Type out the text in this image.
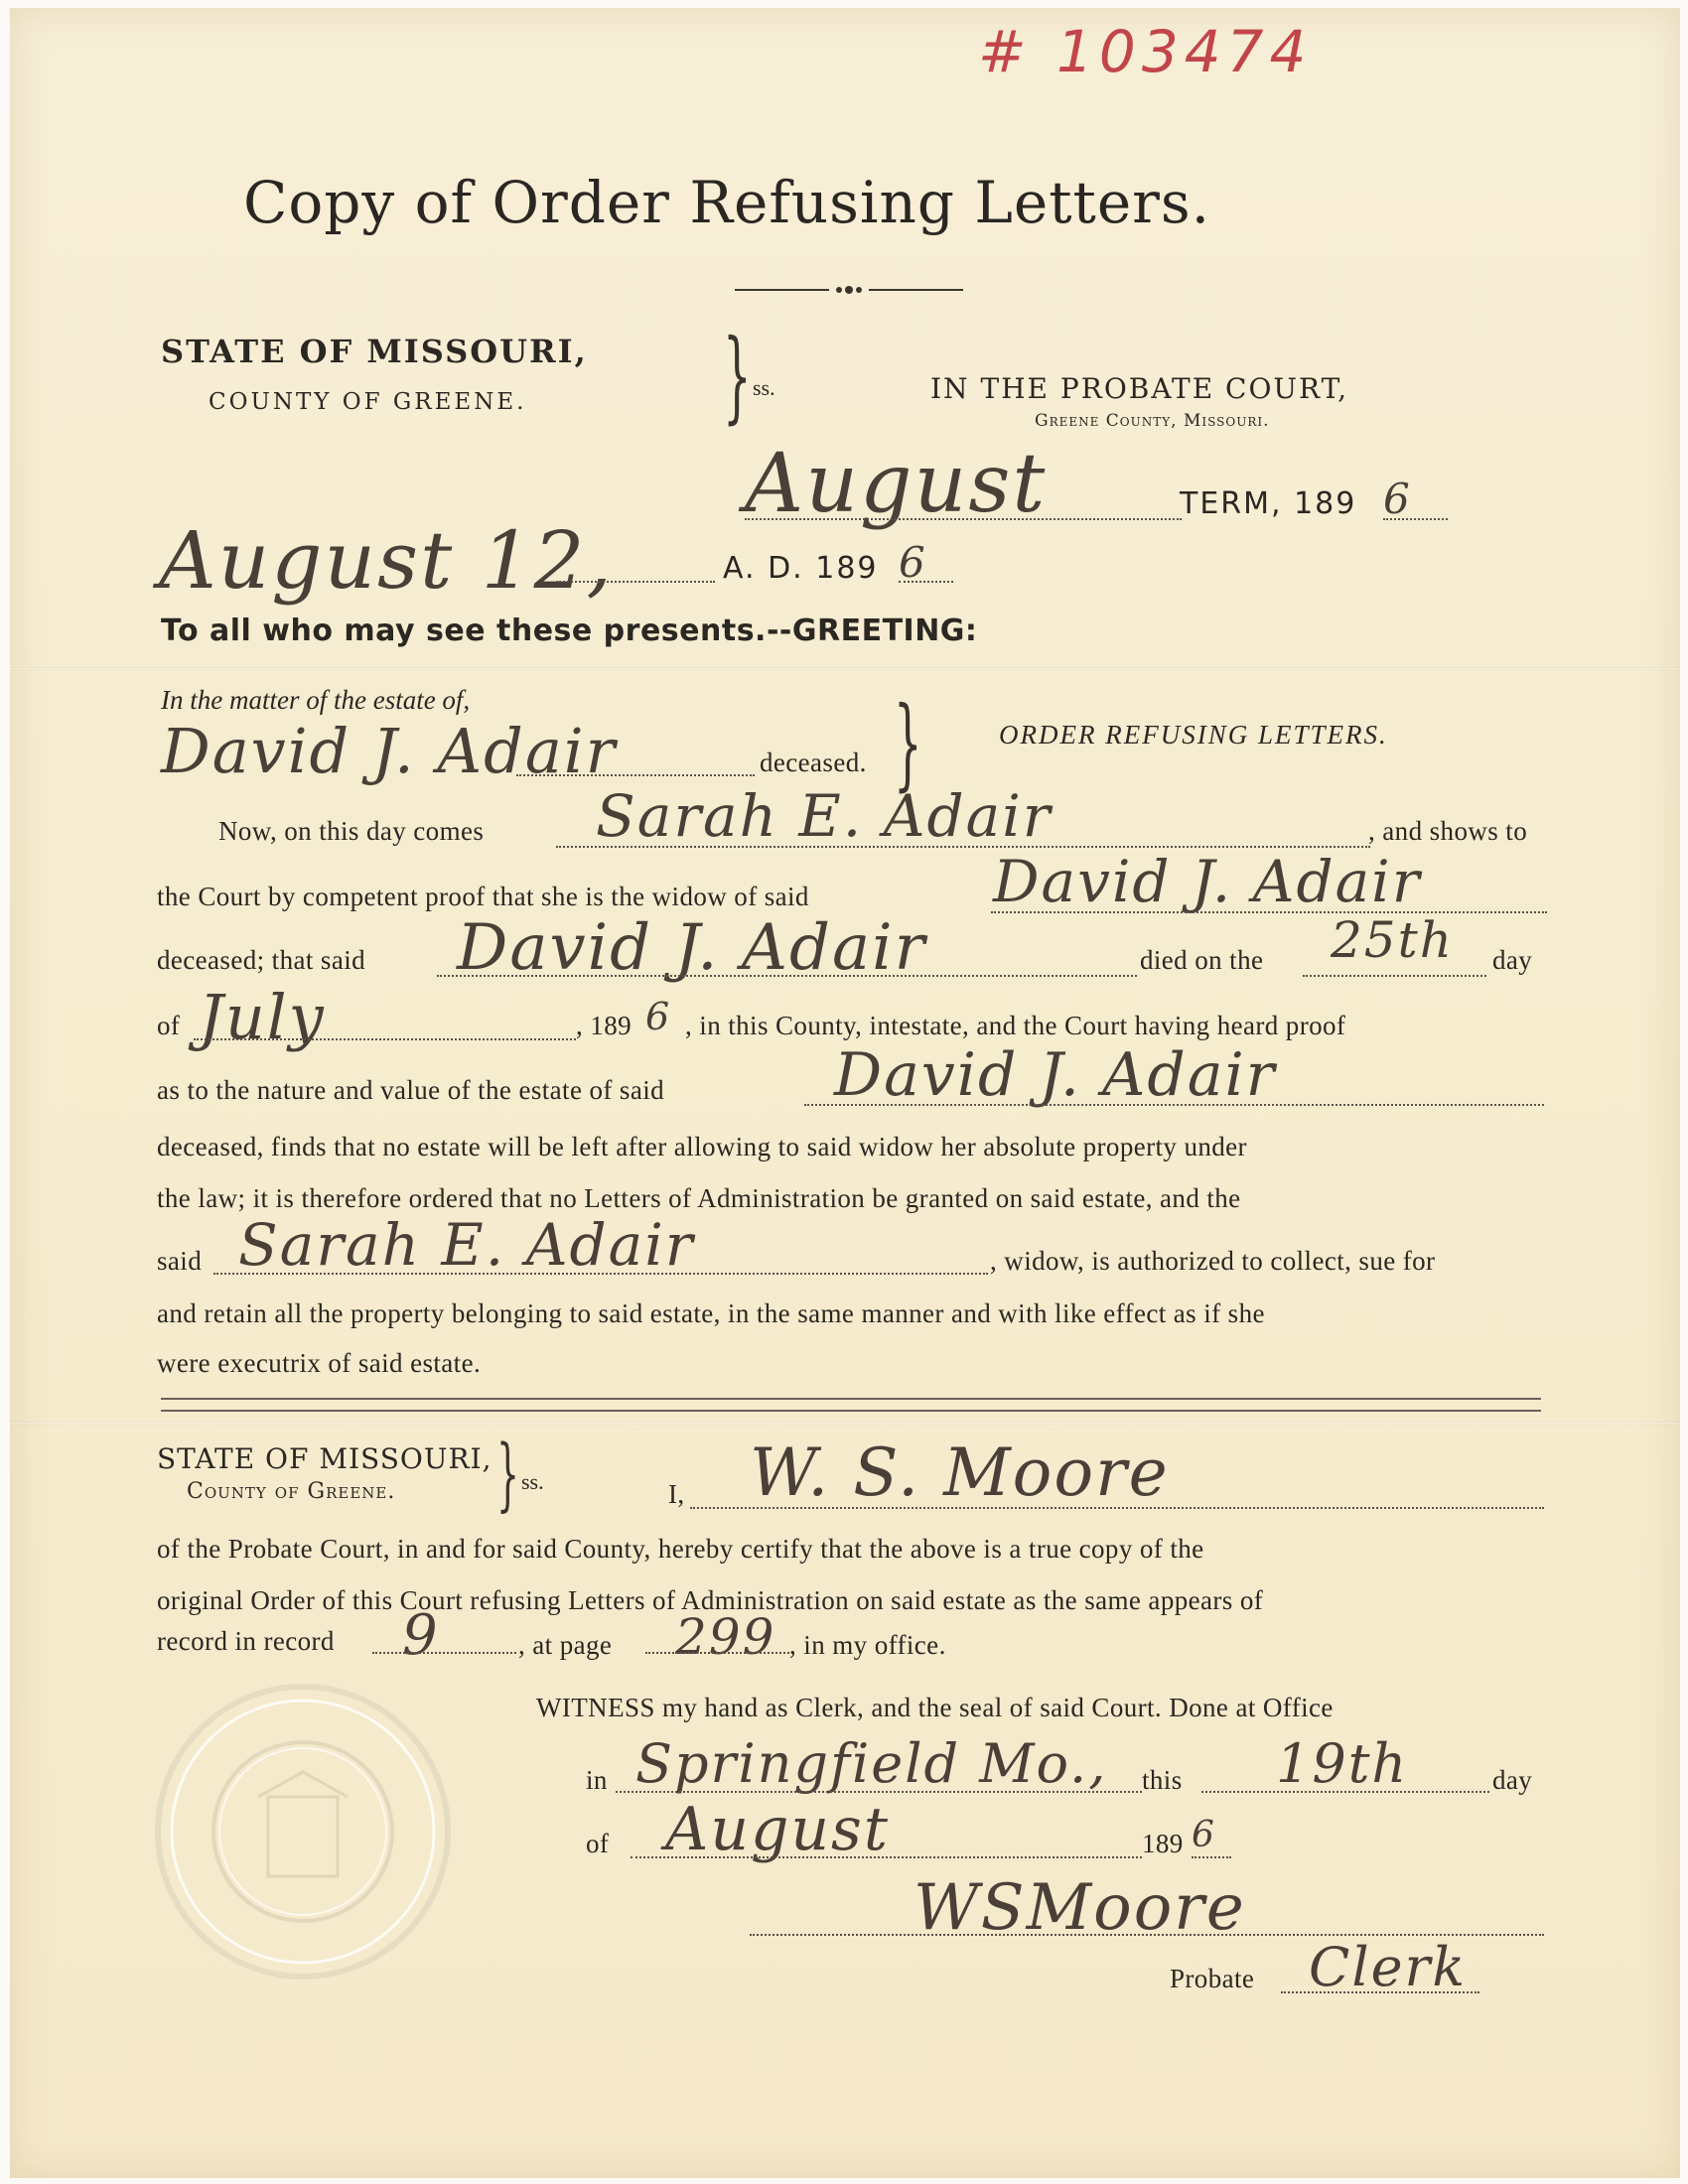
# 103474
Copy of Order Refusing Letters.
STATE OF MISSOURI,
COUNTY OF GREENE. } ss.	IN THE PROBATE COURT,
Greene County, Missouri.
August	TERM, 189 6
August 12,	A. D. 189 6
To all who may see these presents.--GREETING:
In the matter of the estate of,
David J. Adair	deceased. }	ORDER REFUSING LETTERS.
Now, on this day comes Sarah E. Adair	, and shows to
the Court by competent proof that she is the widow of said	David J. Adair
deceased; that said David J. Adair	died on the 25th day
of July	, 189 6 , in this County, intestate, and the Court having heard proof
as to the nature and value of the estate of said	David J. Adair
deceased, finds that no estate will be left after allowing to said widow her absolute property under
the law; it is therefore ordered that no Letters of Administration be granted on said estate, and the
said Sarah E. Adair	, widow, is authorized to collect, sue for
and retain all the property belonging to said estate, in the same manner and with like effect as if she
were executrix of said estate.
STATE OF MISSOURI,
County of Greene. } ss.	I, W. S. Moore
of the Probate Court, in and for said County, hereby certify that the above is a true copy of the
original Order of this Court refusing Letters of Administration on said estate as the same appears of
record in record 9	, at page 299 , in my office.
WITNESS my hand as Clerk, and the seal of said Court. Done at Office
in Springfield Mo., this 19th	day
of August	189 6
WSMoore
Probate Clerk
